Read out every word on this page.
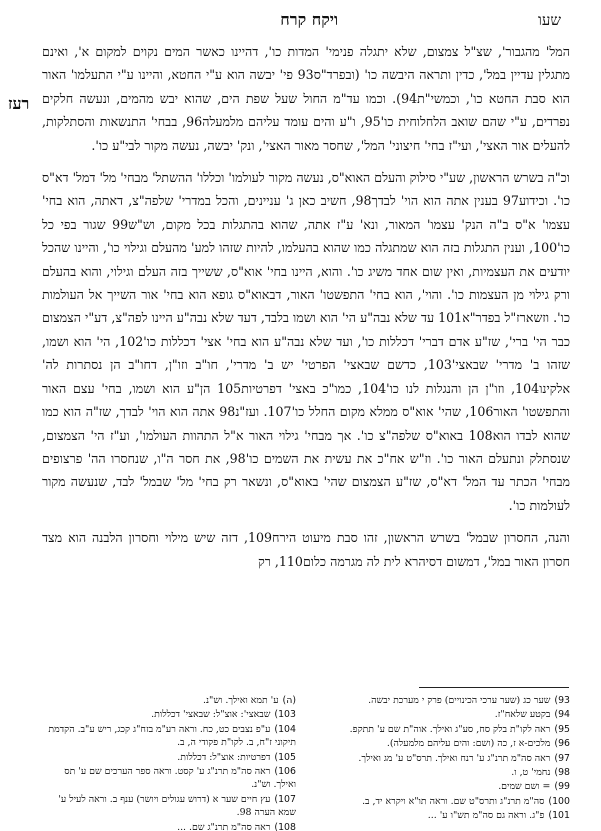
שעו
ויקח קרח
רעז

המל' מהגבור', שצ"ל צמצום, שלא יתגלה פנימי' המדות כו', דהיינו כאשר המים נקוים למקום א', ואינם מתגלין עדיין במל', כדין ותראה היבשה כו' (ובפרד"ס93 פי' יבשה הוא ע"י החטא, והיינו ע"י התעלמו' האור הוא סבת החטא כו', וכמשי"ת94). וכמו עד"מ החול שעל שפת הים, שהוא יבש מהמים, ונעשה חלקים נפרדים, ע"י שהם שואב הלחלוחית כו'95, ו"ע והים עומד עליהם מלמעלה96, בבחי' התנשאות והסתלקות, להעלים אור האצי', ועי"ז בחי' חיצוני' המל', שחסר מאור האצי', ונק' יבשה, נעשה מקור לבי"ע כו'.

וכ"ה בשרש הראשון, שע"י סילוק והעלם האוא"ס, נעשה מקור לעולמו' וכללו' ההשתל' מבחי' מל' דמל' דא"ס כו'. וכידוע97 בענין אתה הוא הוי' לבדך98, חשיב כאן ג' עניינים, והכל במדרי' שלפה"צ, דאתה, הוא בחי' עצמו' א"ס ב"ה הנק' עצמו' המאור, ונא' ע"ז אתה, שהוא בהתגלות בכל מקום, וש"ש99 שגור בפי כל כו'100, וענין התגלות בזה הוא שמתגלה כמו שהוא בהעלמו, להיות שזהו למע' מהעלם וגילוי כו', והיינו שהכל יודעים את העצמיות, ואין שום אחד משיג כו'. והוא, היינו בחי' אוא"ס, ששייך בזה העלם וגילוי, והוא בהעלם ורק גילוי מן העצמות כו'. והוי', הוא בחי' התפשטו' האור, דבאוא"ס גופא הוא בחי' אור השייך אל העולמות כו'. וזשארז"ל בפדר"א101 עד שלא נבה"ע הי' הוא ושמו בלבד, דעד שלא נבה"ע היינו לפה"צ, דע"י הצמצום כבר הי' ברי', שז"ע אדם דברי' דכללות כו', ועד שלא נבה"ע הוא בחי' אצי' דכללות כו'102, הי' הוא ושמו, שזהו ב' מדרי' שבאצי'103, כדשם שבאצי' הפרטי' יש ב' מדרי', חו"ב וזו"ן, דחו"ב הן נסתרות לה' אלקינו104, וזו"ן הן והנגלות לנו כו'104, כמו"כ באצי' דפרטיות105 הן"ע הוא ושמו, בחי' עצם האור והתפשטו' האור106, שהי' אוא"ס ממלא מקום החלל כו'107. ועז"נ98 אתה הוא הוי' לבדך, שז"ה הוא כמו שהוא לבדו הוא108 באוא"ס שלפה"צ כו'. אך מבחי' גילוי האור א"ל התהוות העולמו', וע"ז הי' הצמצום, שנסתלק ונתעלם האור כו'. וז"ש אח"כ את עשית את השמים כו'98, את חסר ה"ו, שנחסרו הה' פרצופים מבחי' הכתר עד המל' דא"ס, שז"ע הצמצום שהי' באוא"ס, ונשאר רק בחי' מל' שבמל' לבד, שנעשה מקור לעולמות כו'.

והנה, החסרון שבמל' בשרש הראשון, זהו סבת מיעוט הירח109, דזה שיש מילוי וחסרון הלבנה הוא מצד חסרון האור במל', דמשום דסיהרא לית לה מגרמה כלום110, רק

93)שער כג (שער ערכי הכינויים) פרק י מערכת יבשה.
94)בקטע שלאח"ז.
95)ראה לקו"ת בלק סח, סע"ג ואילך. אוה"ת שם ע' תתקפ.
96)מלכים-א ז, כה (ושם: והים עליהם מלמעלה).
97)ראה סה"מ תרנ"ג ע' רנח ואילך. תרס"ט ע' מג ואילך.
98)נחמי' ט, ו.
99)= ושם שמים.
100)סה"מ תרנ"ג ותרס"ט שם. וראה תו"א ויקרא יד, ב.
101)פ"ג. וראה גם סה"מ תש"ו ע' ...
(ה)ע' תמא ואילך. וש"נ.
103)שבאצי': אוצ"ל: שבאצי' דכללות.
104)ע"פ נצבים כט, כח. וראה רע"מ בזח"ג קכג, ריש ע"ב. הקדמת תיקוני ז"ח, ב. לקו"ת פקודי ה, ב.
105)דפרטיות: אוצ"ל: דכללות.
106)ראה סה"מ תרנ"ג ע' קסט. וראה ספר הערכים שם ע' תס ואילך. וש"נ.
107)עץ חיים שער א (דרוש עגולים ויושר) ענף ב. וראה לעיל ע' שמא הערה 98.
108)ראה סה"מ תרנ"ג שם. ...
